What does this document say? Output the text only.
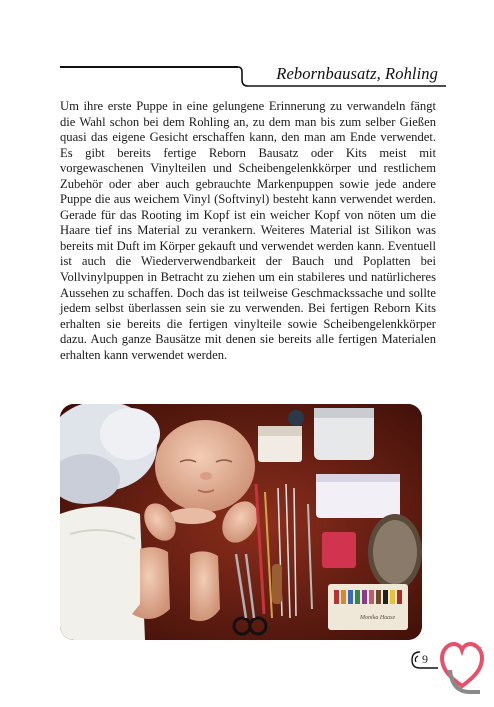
Rebornbausatz, Rohling

Um ihre erste Puppe in eine gelungene Erinnerung zu verwandeln fängt die Wahl schon bei dem Rohling an, zu dem man bis zum selber Gießen quasi das eigene Gesicht erschaffen kann, den man am Ende verwendet. Es gibt bereits fertige Reborn Bausatz oder Kits meist mit vorgewaschenen Vinylteilen und Scheibengelenkkörper und restlichem Zubehör oder aber auch gebrauchte Markenpuppen sowie jede andere Puppe die aus weichem Vinyl (Softvinyl) besteht kann verwendet werden. Gerade für das Rooting im Kopf ist ein weicher Kopf von nöten um die Haare tief ins Material zu verankern. Weiteres Material ist Silikon was bereits mit Duft im Körper gekauft und verwendet werden kann. Eventuell ist auch die Wiederverwendbarkeit der Bauch und Poplatten bei Vollvinylpuppen in Betracht zu ziehen um ein stabileres und natürlicheres Aussehen zu schaffen. Doch das ist teilweise Geschmackssache und sollte jedem selbst überlassen sein sie zu verwenden. Bei fertigen Reborn Kits erhalten sie bereits die fertigen vinylteile sowie Scheibengelenkkörper dazu. Auch ganze Bausätze mit denen sie bereits alle fertigen Materialen erhalten kann verwendet werden.

Monika Haase
9
E
